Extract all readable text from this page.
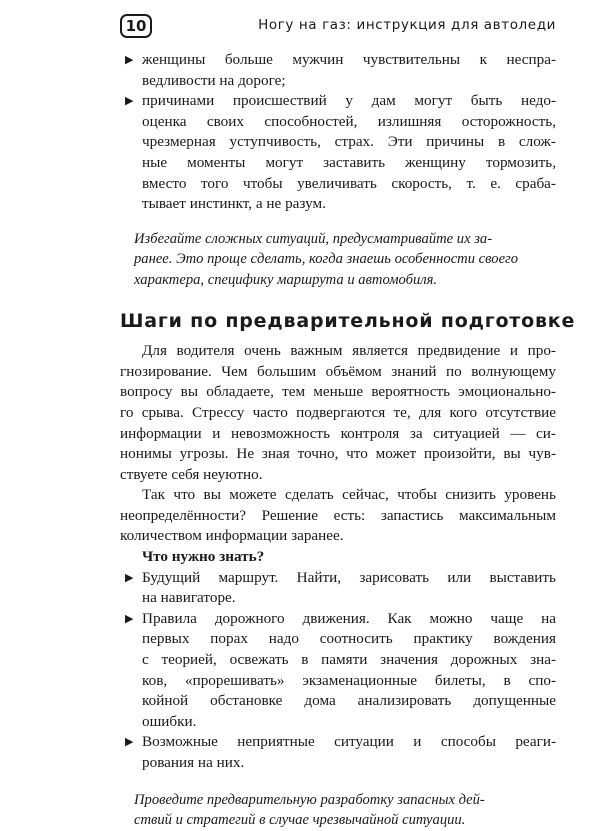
10	Ногу на газ: инструкция для автоледи
▶ женщины больше мужчин чувствительны к неспра-
ведливости на дороге;
▶ причинами происшествий у дам могут быть недо-
оценка своих способностей, излишняя осторожность,
чрезмерная уступчивость, страх. Эти причины в слож-
ные моменты могут заставить женщину тормозить,
вместо того чтобы увеличивать скорость, т. е. сраба-
тывает инстинкт, а не разум.
Избегайте сложных ситуаций, предусматривайте их за-
ранее. Это проще сделать, когда знаешь особенности своего
характера, специфику маршрута и автомобиля.
Шаги по предварительной подготовке
Для водителя очень важным является предвидение и про-
гнозирование. Чем большим объёмом знаний по волнующему
вопросу вы обладаете, тем меньше вероятность эмоционально-
го срыва. Стрессу часто подвергаются те, для кого отсутствие
информации и невозможность контроля за ситуацией — си-
нонимы угрозы. Не зная точно, что может произойти, вы чув-
ствуете себя неуютно.
Так что вы можете сделать сейчас, чтобы снизить уровень
неопределённости? Решение есть: запастись максимальным
количеством информации заранее.
Что нужно знать?
▶ Будущий маршрут. Найти, зарисовать или выставить
на навигаторе.
▶ Правила дорожного движения. Как можно чаще на
первых порах надо соотносить практику вождения
с теорией, освежать в памяти значения дорожных зна-
ков, «прорешивать» экзаменационные билеты, в спо-
койной обстановке дома анализировать допущенные
ошибки.
▶ Возможные неприятные ситуации и способы реаги-
рования на них.
Проведите предварительную разработку запасных дей-
ствий и стратегий в случае чрезвычайной ситуации.
